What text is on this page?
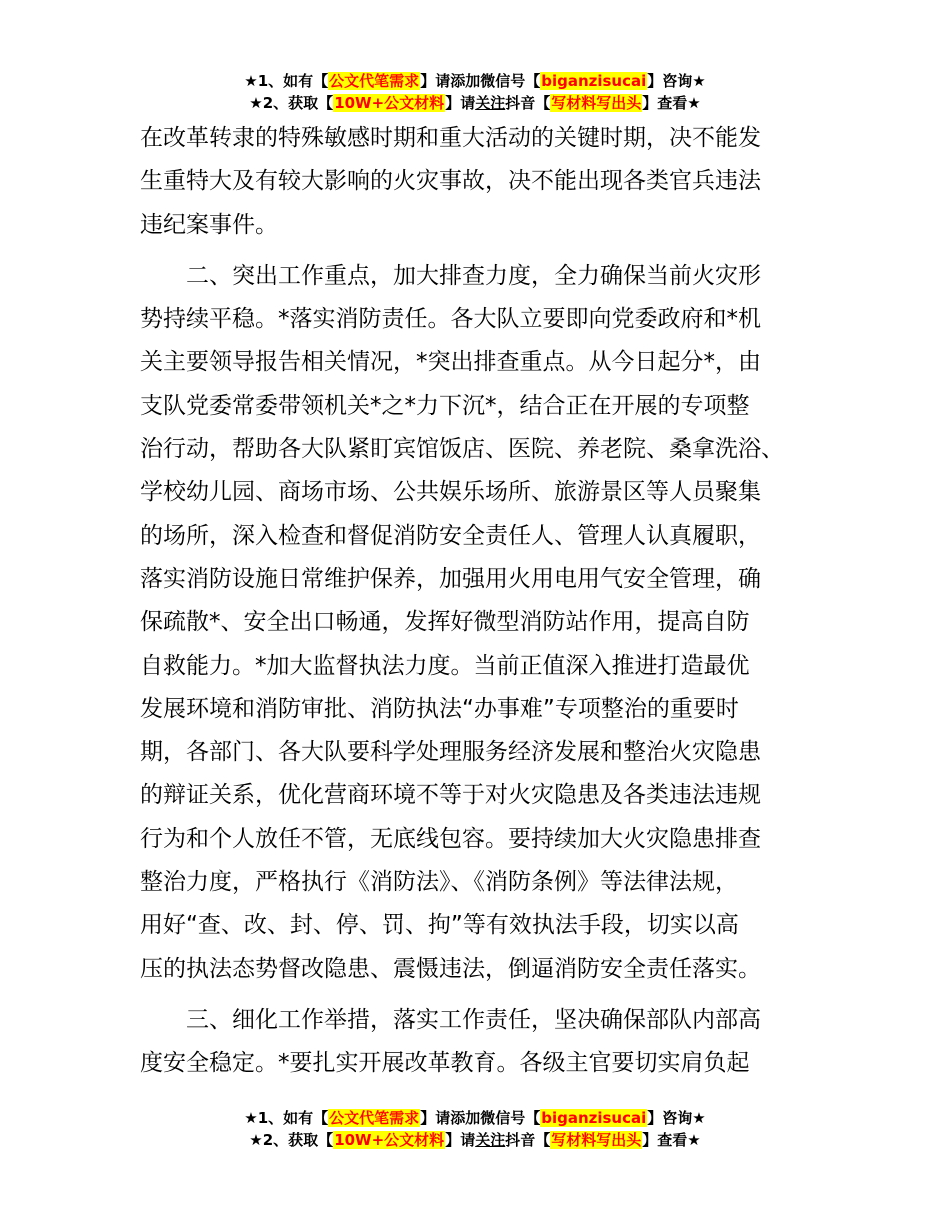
★1、如有【公文代笔需求】请添加微信号【biganzisucai】咨询★
★2、获取【10W+公文材料】请关注抖音【写材料写出头】查看★

在改革转隶的特殊敏感时期和重大活动的关键时期，决不能发
生重特大及有较大影响的火灾事故，决不能出现各类官兵违法
违纪案事件。

二、突出工作重点，加大排查力度，全力确保当前火灾形
势持续平稳。*落实消防责任。各大队立要即向党委政府和*机
关主要领导报告相关情况，*突出排查重点。从今日起分*，由
支队党委常委带领机关*之*力下沉*，结合正在开展的专项整
治行动，帮助各大队紧盯宾馆饭店、医院、养老院、桑拿洗浴、
学校幼儿园、商场市场、公共娱乐场所、旅游景区等人员聚集
的场所，深入检查和督促消防安全责任人、管理人认真履职，
落实消防设施日常维护保养，加强用火用电用气安全管理，确
保疏散*、安全出口畅通，发挥好微型消防站作用，提高自防
自救能力。*加大监督执法力度。当前正值深入推进打造最优
发展环境和消防审批、消防执法“办事难”专项整治的重要时
期，各部门、各大队要科学处理服务经济发展和整治火灾隐患
的辩证关系，优化营商环境不等于对火灾隐患及各类违法违规
行为和个人放任不管，无底线包容。要持续加大火灾隐患排查
整治力度，严格执行《消防法》、《消防条例》等法律法规，
用好“查、改、封、停、罚、拘”等有效执法手段，切实以高
压的执法态势督改隐患、震慑违法，倒逼消防安全责任落实。

三、细化工作举措，落实工作责任，坚决确保部队内部高
度安全稳定。*要扎实开展改革教育。各级主官要切实肩负起

★1、如有【公文代笔需求】请添加微信号【biganzisucai】咨询★
★2、获取【10W+公文材料】请关注抖音【写材料写出头】查看★
